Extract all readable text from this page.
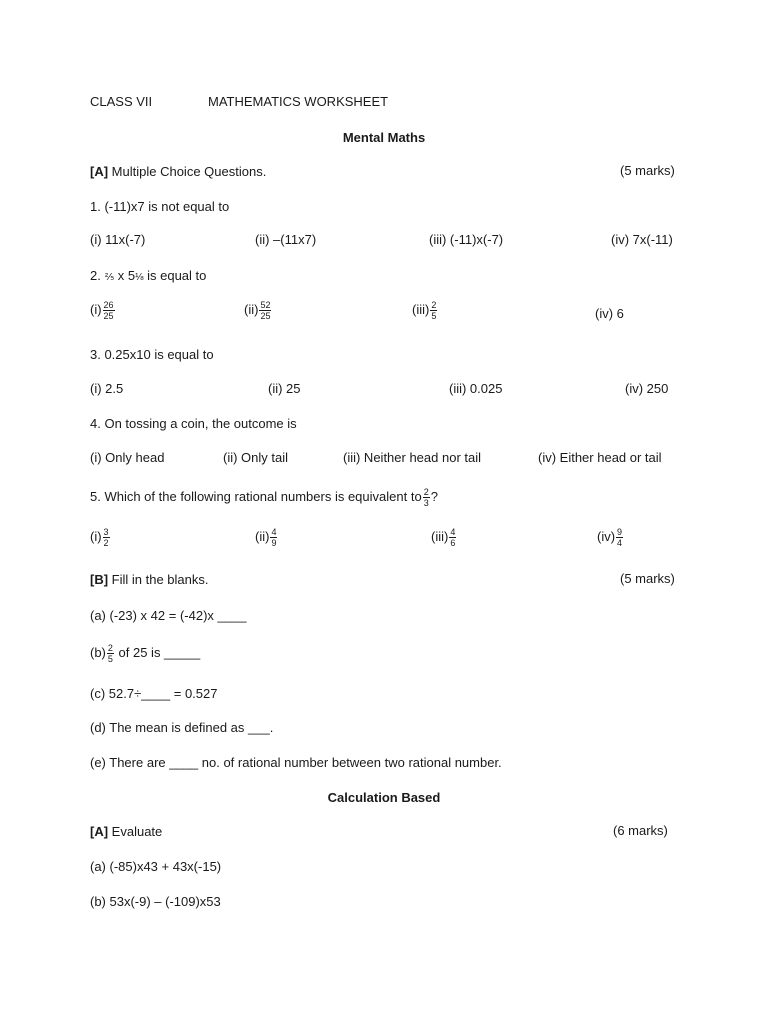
CLASS VII	MATHEMATICS WORKSHEET
Mental Maths
[A] Multiple Choice Questions.	(5 marks)
1. (-11)x7 is not equal to
(i) 11x(-7)	(ii) –(11x7)	(iii) (-11)x(-7)	(iv) 7x(-11)
2. ⅖ x 5⅛ is equal to
$(i) \frac{26}{25}$	$(ii) \frac{52}{25}$	$(iii) \frac{2}{5}$	(iv) 6
3. 0.25x10 is equal to
(i) 2.5	(ii) 25	(iii) 0.025	(iv) 250
4. On tossing a coin, the outcome is
(i) Only head	(ii) Only tail	(iii) Neither head nor tail	(iv) Either head or tail
5. Which of the following rational numbers is equivalent to $\frac{2}{3}$ ?
$(i) \frac{3}{2}$	$(ii) \frac{4}{9}$	$(iii) \frac{4}{6}$	$(iv) \frac{9}{4}$
[B] Fill in the blanks.	(5 marks)
(a) (-23) x 42 = (-42)x ____
$(b) \frac{2}{5}$ of 25 is _____
(c) 52.7÷____ = 0.527
(d) The mean is defined as ___.
(e) There are ____ no. of rational number between two rational number.
Calculation Based
[A] Evaluate	(6 marks)
(a) (-85)x43 + 43x(-15)
(b) 53x(-9) – (-109)x53
